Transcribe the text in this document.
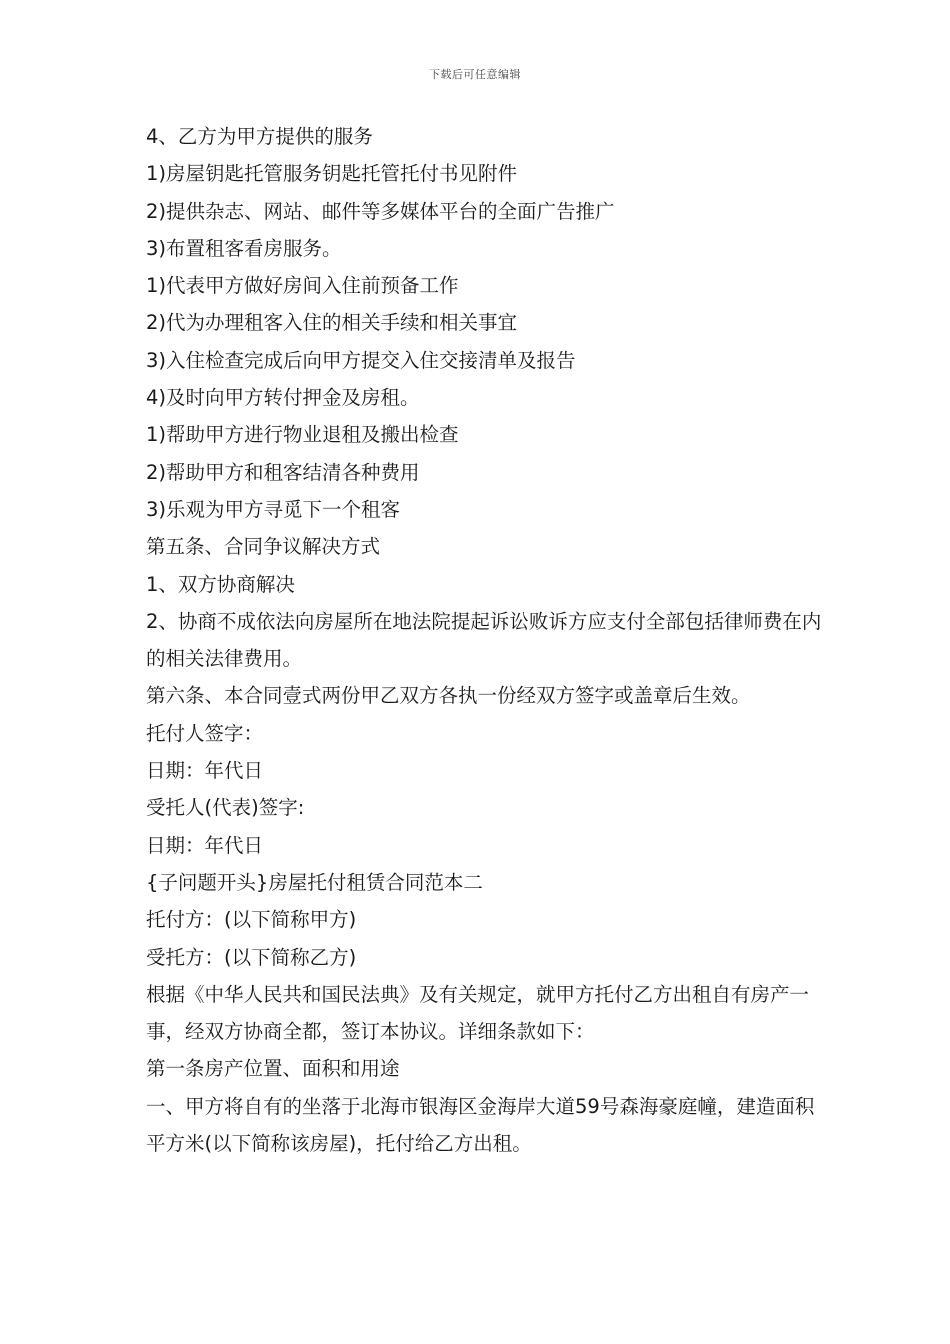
下载后可任意编辑

4、乙方为甲方提供的服务

1)房屋钥匙托管服务钥匙托管托付书见附件

2)提供杂志、网站、邮件等多媒体平台的全面广告推广

3)布置租客看房服务。

1)代表甲方做好房间入住前预备工作

2)代为办理租客入住的相关手续和相关事宜

3)入住检查完成后向甲方提交入住交接清单及报告

4)及时向甲方转付押金及房租。

1)帮助甲方进行物业退租及搬出检查

2)帮助甲方和租客结清各种费用

3)乐观为甲方寻觅下一个租客

第五条、合同争议解决方式

1、双方协商解决

2、协商不成依法向房屋所在地法院提起诉讼败诉方应支付全部包括律师费在内的相关法律费用。

第六条、本合同壹式两份甲乙双方各执一份经双方签字或盖章后生效。

托付人签字：

日期：年代日

受托人(代表)签字:

日期：年代日

{子问题开头}房屋托付租赁合同范本二

托付方：(以下简称甲方)

受托方：(以下简称乙方)

根据《中华人民共和国民法典》及有关规定，就甲方托付乙方出租自有房产一事，经双方协商全都，签订本协议。详细条款如下：

第一条房产位置、面积和用途

一、甲方将自有的坐落于北海市银海区金海岸大道59号森海豪庭幢，建造面积平方米(以下简称该房屋)，托付给乙方出租。
